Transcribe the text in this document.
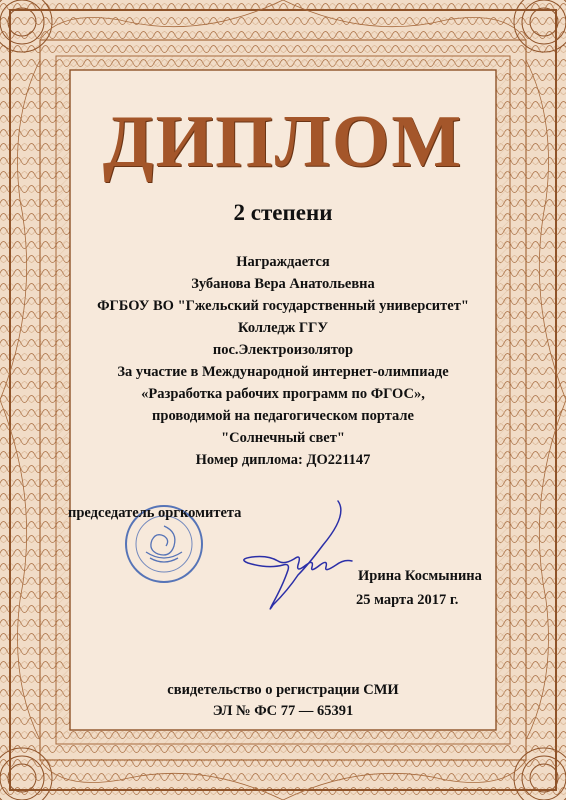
ДИПЛОМ
2 степени
Награждается
Зубанова Вера Анатольевна
ФГБОУ ВО "Гжельский государственный университет"
Колледж ГГУ
пос.Электроизолятор
За участие в Международной интернет-олимпиаде
«Разработка рабочих программ по ФГОС»,
проводимой на педагогическом портале
"Солнечный свет"
Номер диплома: ДО221147
председатель оргкомитета
Ирина Космынина
25 марта 2017 г.
свидетельство о регистрации СМИ
ЭЛ № ФС 77 — 65391
